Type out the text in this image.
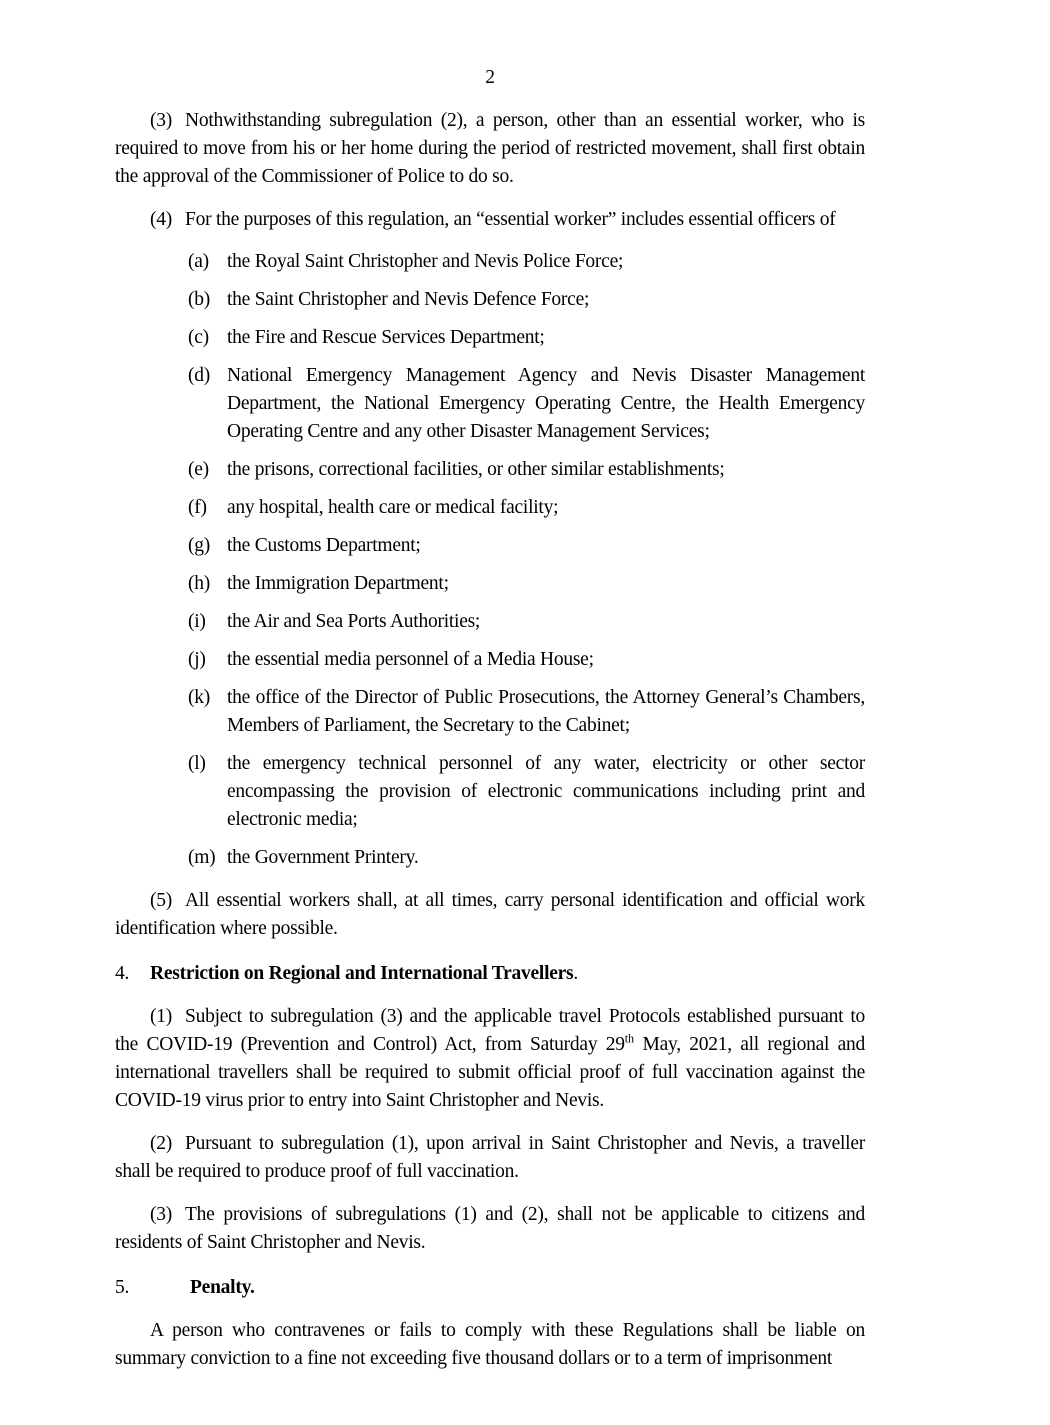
2

(3) Nothwithstanding subregulation (2), a person, other than an essential worker, who is required to move from his or her home during the period of restricted movement, shall first obtain the approval of the Commissioner of Police to do so.

(4) For the purposes of this regulation, an “essential worker” includes essential officers of

(a) the Royal Saint Christopher and Nevis Police Force;
(b) the Saint Christopher and Nevis Defence Force;
(c) the Fire and Rescue Services Department;
(d) National Emergency Management Agency and Nevis Disaster Management Department, the National Emergency Operating Centre, the Health Emergency Operating Centre and any other Disaster Management Services;
(e) the prisons, correctional facilities, or other similar establishments;
(f)	any hospital, health care or medical facility;
(g) the Customs Department;
(h) the Immigration Department;
(i)	the Air and Sea Ports Authorities;
(j)	the essential media personnel of a Media House;
(k) the office of the Director of Public Prosecutions, the Attorney General’s Chambers, Members of Parliament, the Secretary to the Cabinet;
(l)	the emergency technical personnel of any water, electricity or other sector encompassing the provision of electronic communications including print and electronic media;
(m) the Government Printery.

(5) All essential workers shall, at all times, carry personal identification and official work identification where possible.

4. Restriction on Regional and International Travellers.

(1) Subject to subregulation (3) and the applicable travel Protocols established pursuant to the COVID-19 (Prevention and Control) Act, from Saturday 29th May, 2021, all regional and international travellers shall be required to submit official proof of full vaccination against the COVID-19 virus prior to entry into Saint Christopher and Nevis.

(2) Pursuant to subregulation (1), upon arrival in Saint Christopher and Nevis, a traveller shall be required to produce proof of full vaccination.

(3) The provisions of subregulations (1) and (2), shall not be applicable to citizens and residents of Saint Christopher and Nevis.

5.	Penalty.

A person who contravenes or fails to comply with these Regulations shall be liable on summary conviction to a fine not exceeding five thousand dollars or to a term of imprisonment
